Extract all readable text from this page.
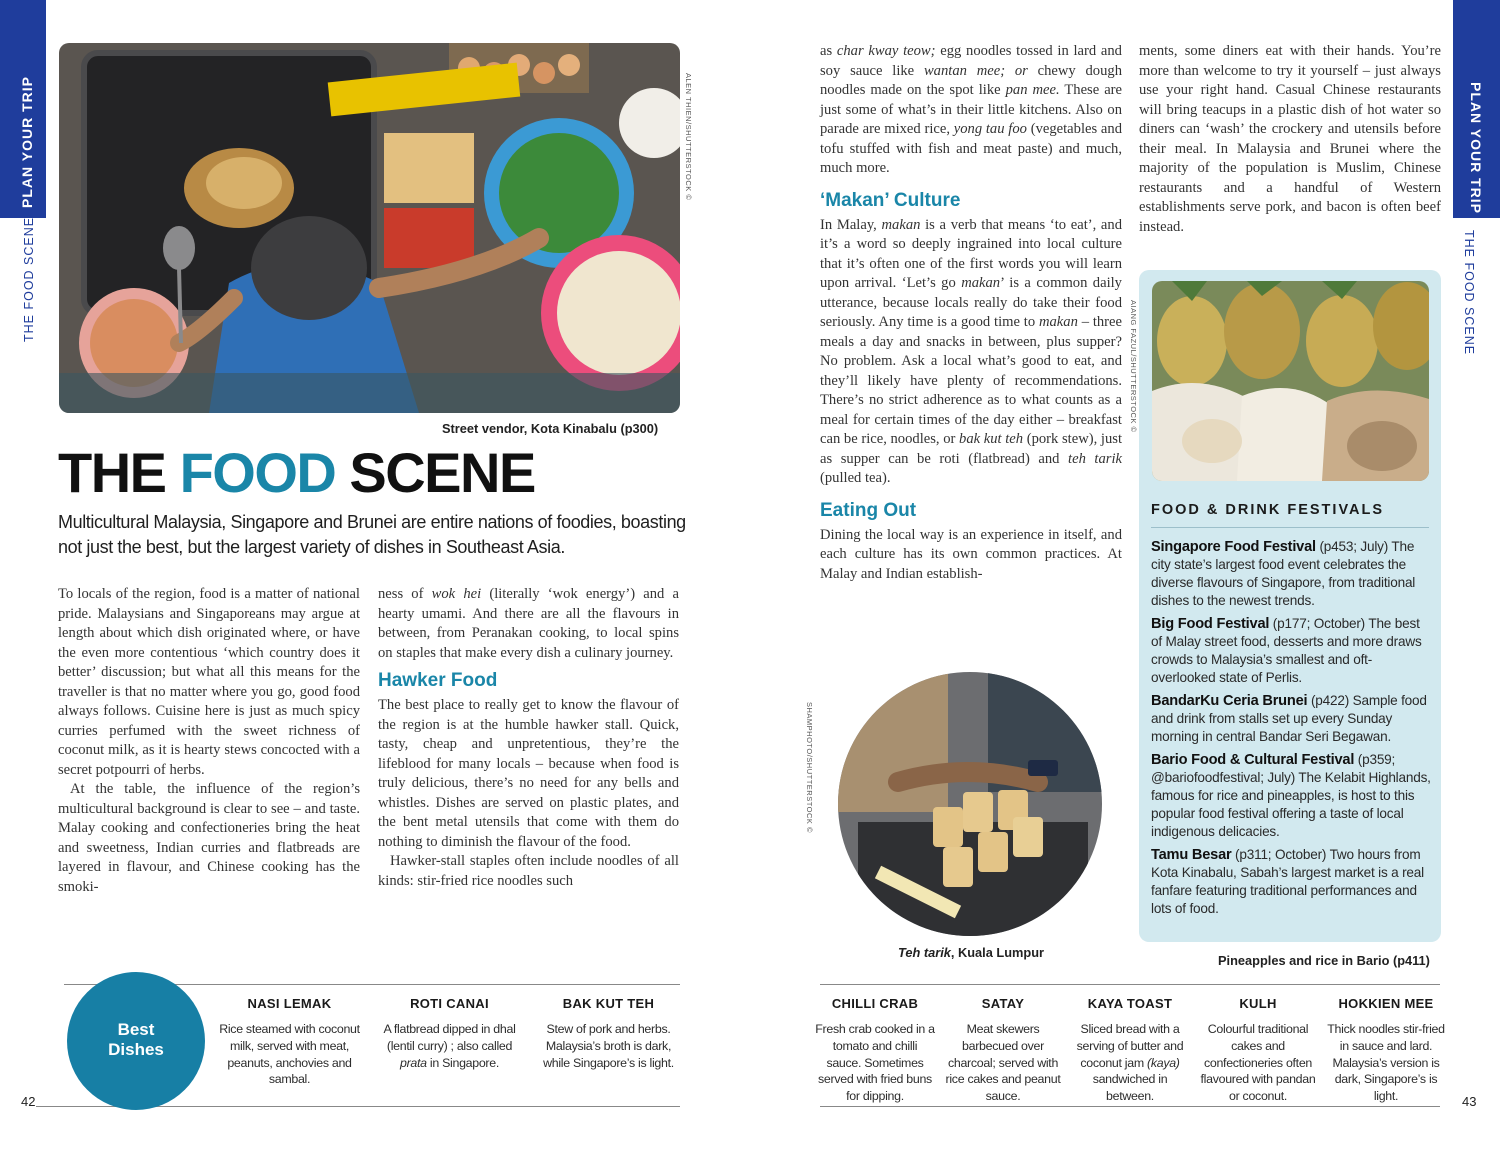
PLAN YOUR TRIP
THE FOOD SCENE
PLAN YOUR TRIP
THE FOOD SCENE
ALEN THIEN/SHUTTERSTOCK ©
Street vendor, Kota Kinabalu (p300)
THE FOOD SCENE
Multicultural Malaysia, Singapore and Brunei are entire nations of foodies, boasting not just the best, but the largest variety of dishes in Southeast Asia.

To locals of the region, food is a matter of national pride. Malaysians and Singaporeans may argue at length about which dish originated where, or have the even more contentious ‘which country does it better’ discussion; but what all this means for the traveller is that no matter where you go, good food always follows. Cuisine here is just as much spicy curries perfumed with the sweet richness of coconut milk, as it is hearty stews concocted with a secret potpourri of herbs.

At the table, the influence of the region’s multicultural background is clear to see – and taste. Malay cooking and confectioneries bring the heat and sweetness, Indian curries and flatbreads are layered in flavour, and Chinese cooking has the smoki-

ness of wok hei (literally ‘wok energy’) and a hearty umami. And there are all the flavours in between, from Peranakan cooking, to local spins on staples that make every dish a culinary journey.

Hawker Food

The best place to really get to know the flavour of the region is at the humble hawker stall. Quick, tasty, cheap and unpretentious, they’re the lifeblood for many locals – because when food is truly delicious, there’s no need for any bells and whistles. Dishes are served on plastic plates, and the bent metal utensils that come with them do nothing to diminish the flavour of the food.

Hawker-stall staples often include noodles of all kinds: stir-fried rice noodles such

as char kway teow; egg noodles tossed in lard and soy sauce like wantan mee; or chewy dough noodles made on the spot like pan mee. These are just some of what’s in their little kitchens. Also on parade are mixed rice, yong tau foo (vegetables and tofu stuffed with fish and meat paste) and much, much more.

‘Makan’ Culture

In Malay, makan is a verb that means ‘to eat’, and it’s a word so deeply ingrained into local culture that it’s often one of the first words you will learn upon arrival. ‘Let’s go makan’ is a common daily utterance, because locals really do take their food seriously. Any time is a good time to makan – three meals a day and snacks in between, plus supper? No problem. Ask a local what’s good to eat, and they’ll likely have plenty of recommendations. There’s no strict adherence as to what counts as a meal for certain times of the day either – breakfast can be rice, noodles, or bak kut teh (pork stew), just as supper can be roti (flatbread) and teh tarik (pulled tea).

Eating Out

Dining the local way is an experience in itself, and each culture has its own common practices. At Malay and Indian establish-

ments, some diners eat with their hands. You’re more than welcome to try it yourself – just always use your right hand. Casual Chinese restaurants will bring teacups in a plastic dish of hot water so diners can ‘wash’ the crockery and utensils before their meal. In Malaysia and Brunei where the majority of the population is Muslim, Chinese restaurants and a handful of Western establishments serve pork, and bacon is often beef instead.

SHAMPHOTO/SHUTTERSTOCK ©
Teh tarik, Kuala Lumpur
AIANG FAZUL/SHUTTERSTOCK ©
FOOD & DRINK FESTIVALS
Singapore Food Festival (p453; July) The city state’s largest food event celebrates the diverse flavours of Singapore, from traditional dishes to the newest trends.
Big Food Festival (p177; October) The best of Malay street food, desserts and more draws crowds to Malaysia’s smallest and oft-overlooked state of Perlis.
BandarKu Ceria Brunei (p422) Sample food and drink from stalls set up every Sunday morning in central Bandar Seri Begawan.
Bario Food & Cultural Festival (p359; @bariofoodfestival; July) The Kelabit Highlands, famous for rice and pineapples, is host to this popular food festival offering a taste of local indigenous delicacies.
Tamu Besar (p311; October) Two hours from Kota Kinabalu, Sabah’s largest market is a real fanfare featuring traditional performances and lots of food.
Pineapples and rice in Bario (p411)
Best
Dishes
NASI LEMAK
Rice steamed with coconut milk, served with meat, peanuts, anchovies and sambal.
ROTI CANAI
A flatbread dipped in dhal (lentil curry) ; also called prata in Singapore.
BAK KUT TEH
Stew of pork and herbs. Malaysia’s broth is dark, while Singapore’s is light.
CHILLI CRAB
Fresh crab cooked in a tomato and chilli sauce. Sometimes served with fried buns for dipping.
SATAY
Meat skewers barbecued over charcoal; served with rice cakes and peanut sauce.
KAYA TOAST
Sliced bread with a serving of butter and coconut jam (kaya) sandwiched in between.
KULH
Colourful traditional cakes and confectioneries often flavoured with pandan or coconut.
HOKKIEN MEE
Thick noodles stir-fried in sauce and lard. Malaysia’s version is dark, Singapore’s is light.
42	43
